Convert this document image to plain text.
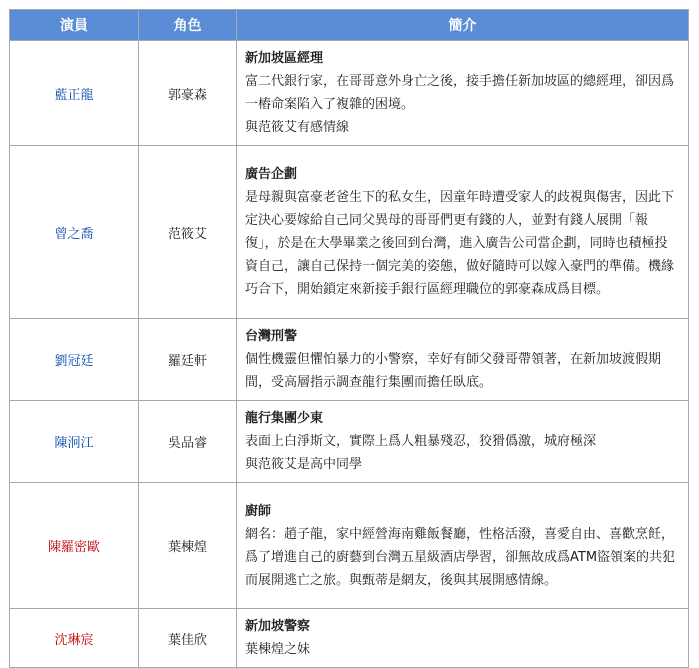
演員	角色	簡介
藍正龍	郭豪森	新加坡區經理
富二代銀行家，在哥哥意外身亡之後，接手擔任新加坡區的總經理，卻因爲一樁命案陷入了複雜的困境。
與范筱艾有感情線

曾之喬	范筱艾	廣告企劃
是母親與富豪老爸生下的私女生，因童年時遭受家人的歧視與傷害，因此下定決心要嫁給自己同父異母的哥哥們更有錢的人，並對有錢人展開「報復」，於是在大學畢業之後回到台灣，進入廣告公司當企劃，同時也積極投資自己，讓自己保持一個完美的姿態，做好隨時可以嫁入豪門的準備。機緣巧合下，開始鎖定來新接手銀行區經理職位的郭豪森成爲目標。

劉冠廷	羅廷軒	台灣刑警
個性機靈但懼怕暴力的小警察，幸好有師父發哥帶領著，在新加坡渡假期間，受高層指示調查龍行集團而擔任臥底。

陳泂江	吳品睿	龍行集團少東
表面上白淨斯文，實際上爲人粗暴殘忍，狡猾僞激，城府極深
與范筱艾是高中同學

陳羅密歐	葉棟煌	廚師
網名：趙子龍，家中經營海南雞飯餐廳，性格活潑，喜愛自由、喜歡烹飪，爲了增進自己的廚藝到台灣五星級酒店學習，卻無故成爲ATM盜領案的共犯而展開逃亡之旅。與甄蒂是網友，後與其展開感情線。

沈琳宸	葉佳欣	新加坡警察
葉棟煌之妹
